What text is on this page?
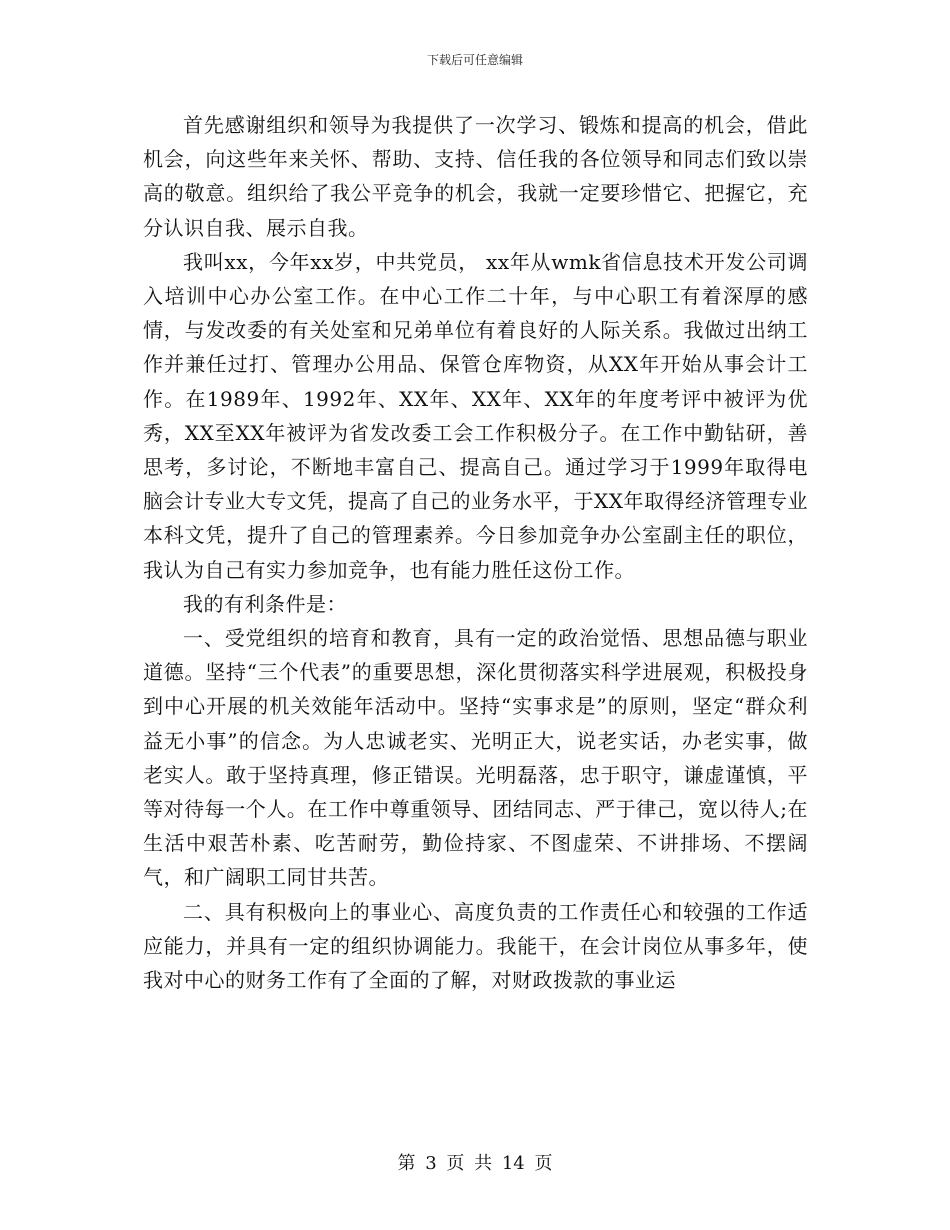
下载后可任意编辑

首先感谢组织和领导为我提供了一次学习、锻炼和提高的机会，借此机会，向这些年来关怀、帮助、支持、信任我的各位领导和同志们致以崇高的敬意。组织给了我公平竞争的机会，我就一定要珍惜它、把握它，充分认识自我、展示自我。

我叫xx，今年xx岁，中共党员， xx年从wmk省信息技术开发公司调入培训中心办公室工作。在中心工作二十年，与中心职工有着深厚的感情，与发改委的有关处室和兄弟单位有着良好的人际关系。我做过出纳工作并兼任过打、管理办公用品、保管仓库物资，从XX年开始从事会计工作。在1989年、1992年、XX年、XX年、XX年的年度考评中被评为优秀，XX至XX年被评为省发改委工会工作积极分子。在工作中勤钻研，善思考，多讨论，不断地丰富自己、提高自己。通过学习于1999年取得电脑会计专业大专文凭，提高了自己的业务水平，于XX年取得经济管理专业本科文凭，提升了自己的管理素养。今日参加竞争办公室副主任的职位，我认为自己有实力参加竞争，也有能力胜任这份工作。

我的有利条件是：

一、受党组织的培育和教育，具有一定的政治觉悟、思想品德与职业道德。坚持“三个代表”的重要思想，深化贯彻落实科学进展观，积极投身到中心开展的机关效能年活动中。坚持“实事求是”的原则，坚定“群众利益无小事”的信念。为人忠诚老实、光明正大，说老实话，办老实事，做老实人。敢于坚持真理，修正错误。光明磊落，忠于职守，谦虚谨慎，平等对待每一个人。在工作中尊重领导、团结同志、严于律己，宽以待人;在生活中艰苦朴素、吃苦耐劳，勤俭持家、不图虚荣、不讲排场、不摆阔气，和广阔职工同甘共苦。

二、具有积极向上的事业心、高度负责的工作责任心和较强的工作适应能力，并具有一定的组织协调能力。我能干，在会计岗位从事多年，使我对中心的财务工作有了全面的了解，对财政拨款的事业运

第 3 页 共 14 页
